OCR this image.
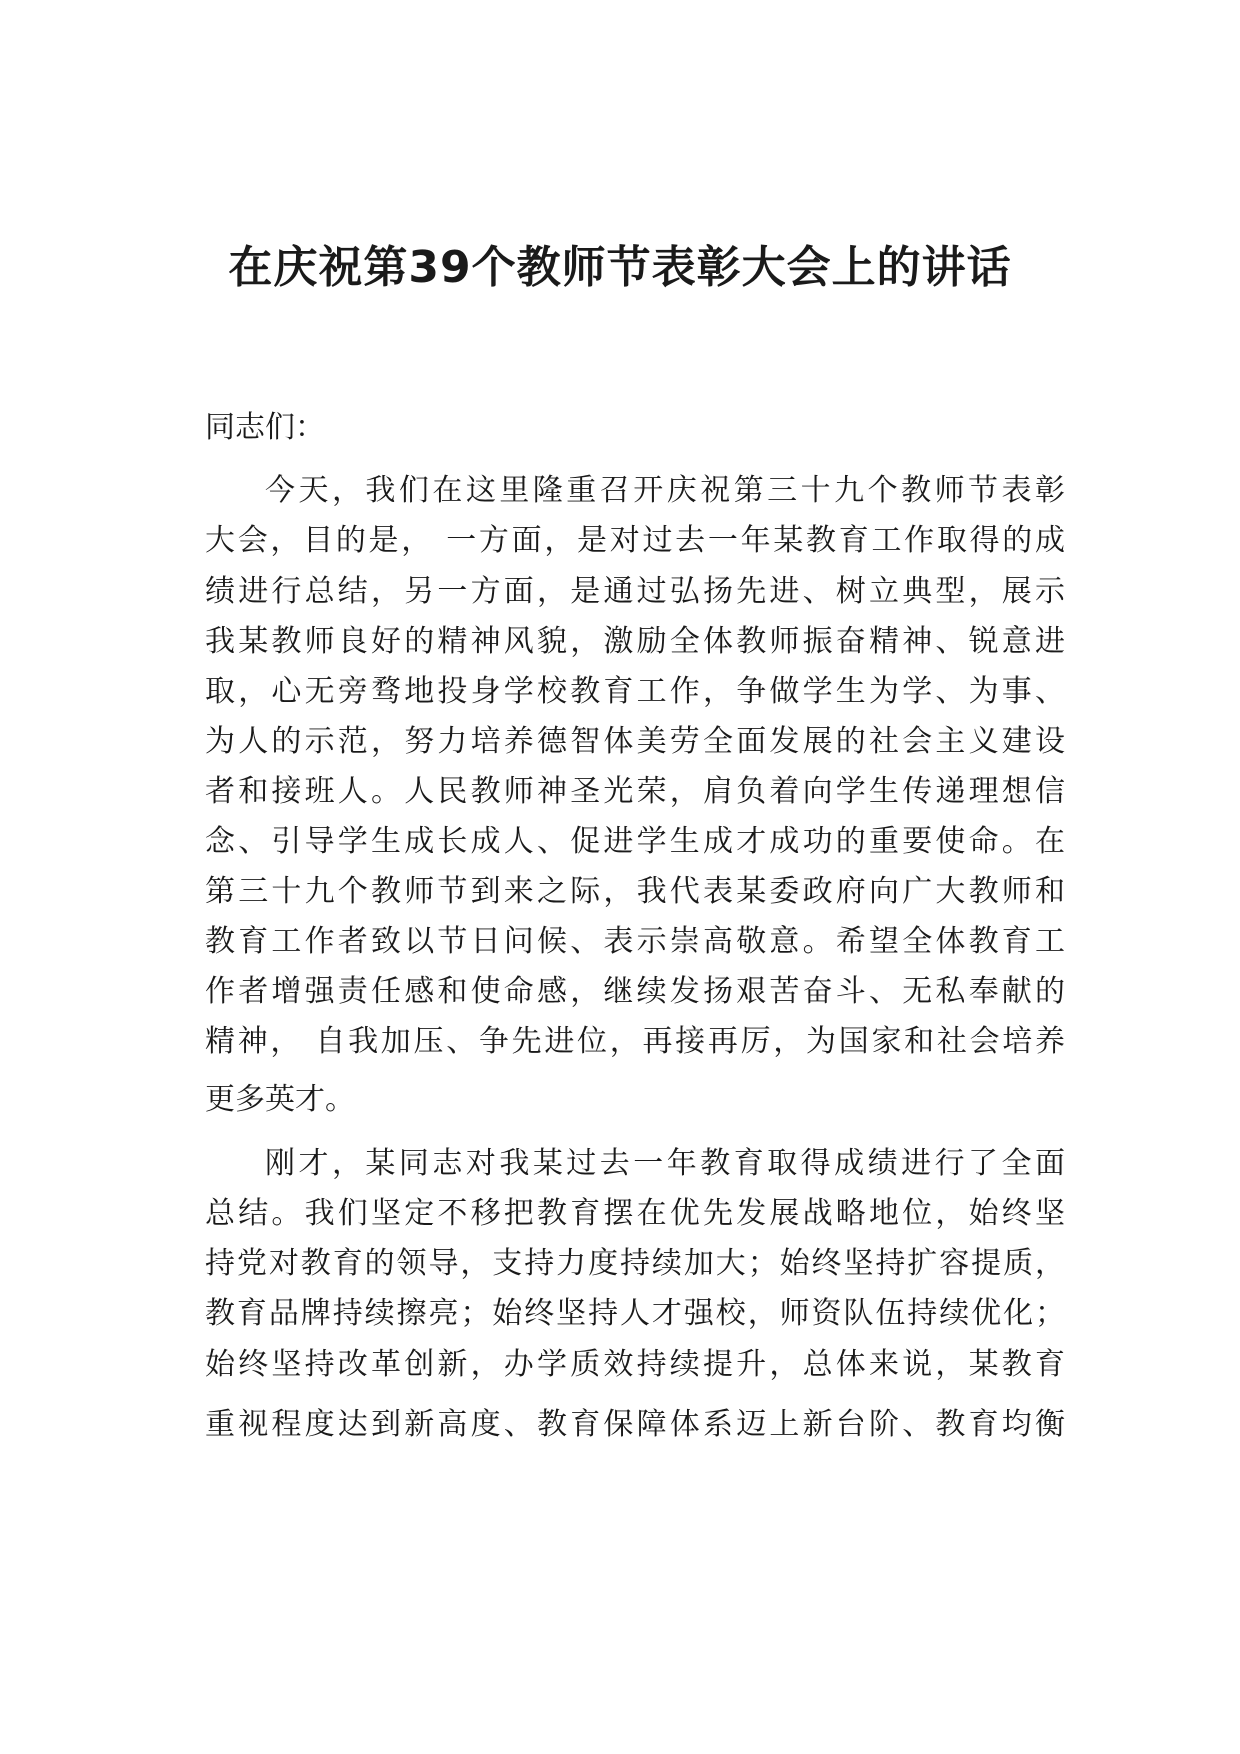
在庆祝第39个教师节表彰大会上的讲话

同志们：

今天，我们在这里隆重召开庆祝第三十九个教师节表彰

大会，目的是， 一方面，是对过去一年某教育工作取得的成

绩进行总结，另一方面，是通过弘扬先进、树立典型，展示

我某教师良好的精神风貌，激励全体教师振奋精神、锐意进

取，心无旁骛地投身学校教育工作，争做学生为学、为事、

为人的示范，努力培养德智体美劳全面发展的社会主义建设

者和接班人。人民教师神圣光荣，肩负着向学生传递理想信

念、引导学生成长成人、促进学生成才成功的重要使命。在

第三十九个教师节到来之际，我代表某委政府向广大教师和

教育工作者致以节日问候、表示崇高敬意。希望全体教育工

作者增强责任感和使命感，继续发扬艰苦奋斗、无私奉献的

精神， 自我加压、争先进位，再接再厉，为国家和社会培养

更多英才。

刚才，某同志对我某过去一年教育取得成绩进行了全面

总结。我们坚定不移把教育摆在优先发展战略地位，始终坚

持党对教育的领导，支持力度持续加大；始终坚持扩容提质，

教育品牌持续擦亮；始终坚持人才强校，师资队伍持续优化；

始终坚持改革创新，办学质效持续提升，总体来说，某教育

重视程度达到新高度、教育保障体系迈上新台阶、教育均衡
